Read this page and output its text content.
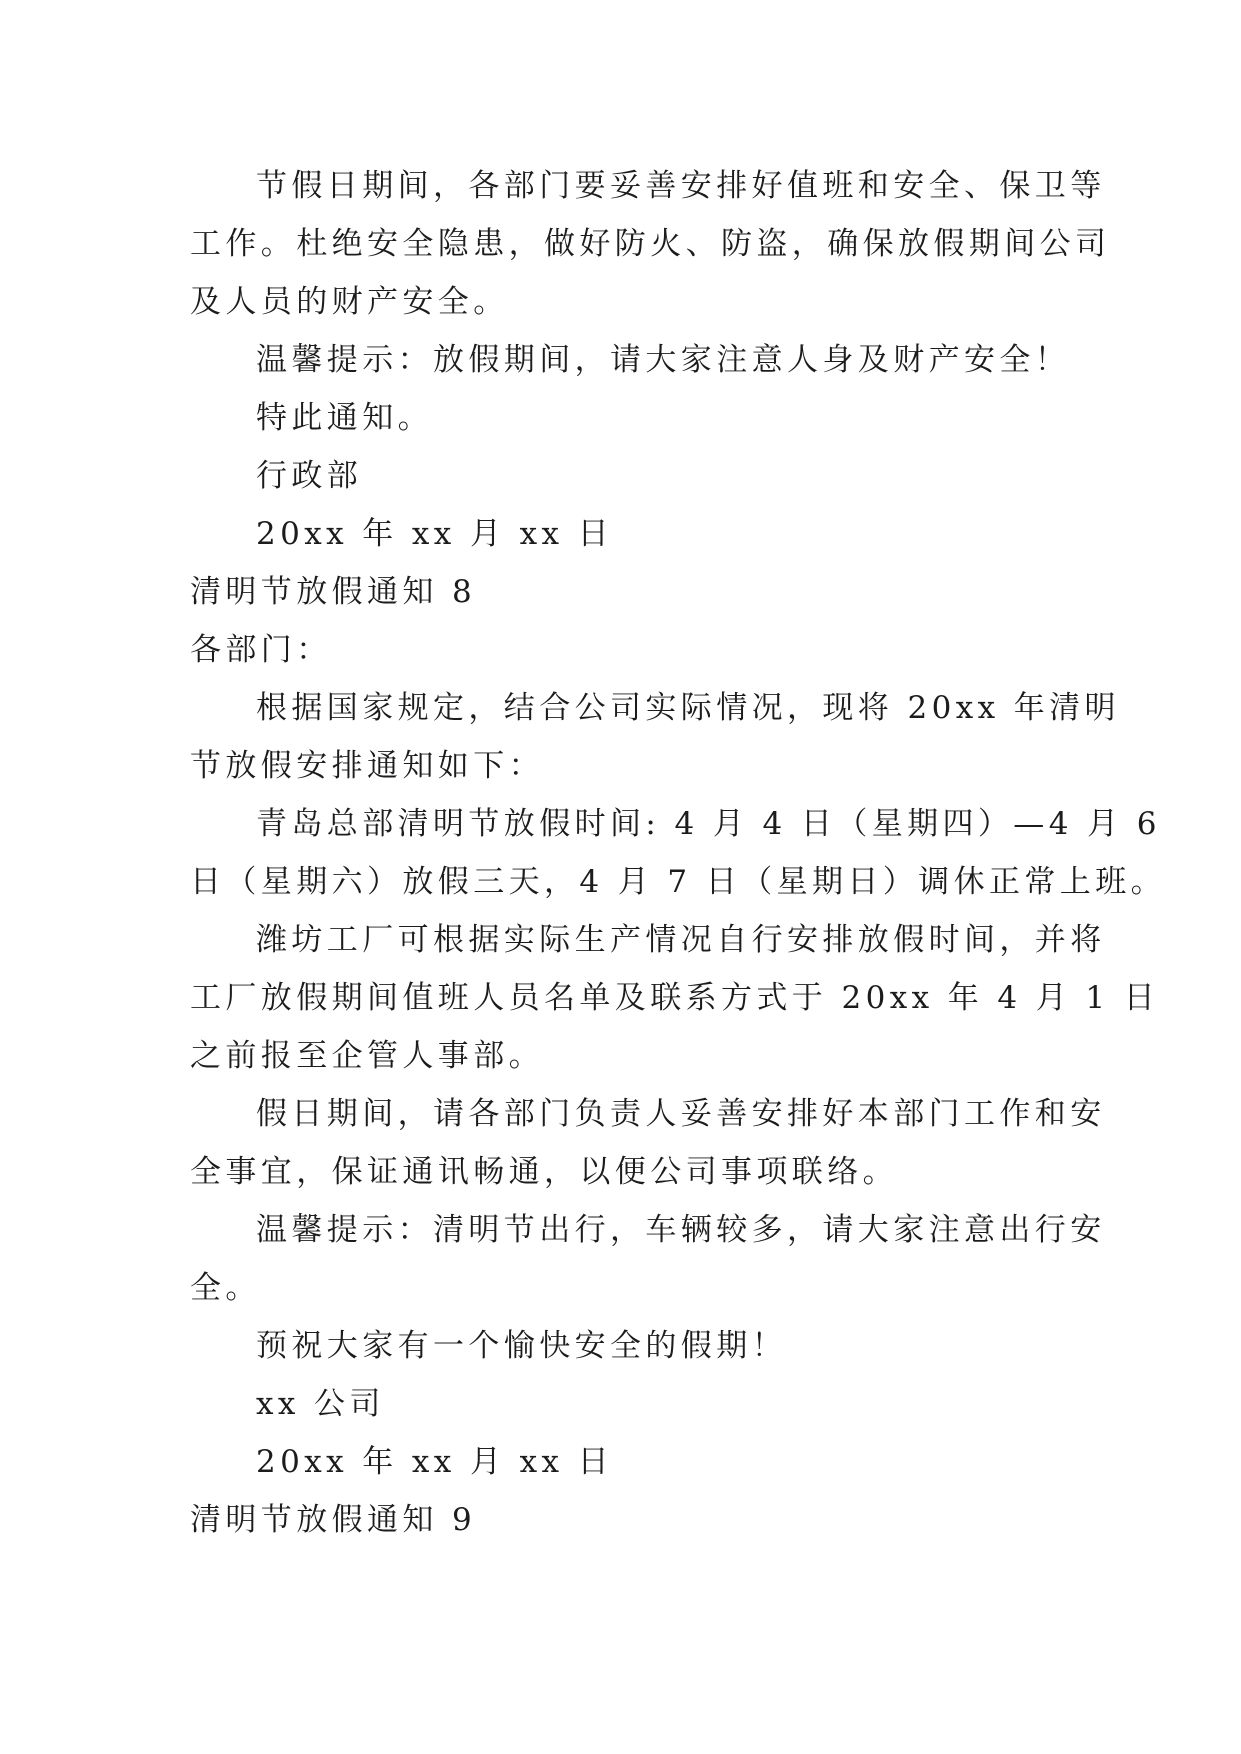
节假日期间，各部门要妥善安排好值班和安全、保卫等
工作。杜绝安全隐患，做好防火、防盗，确保放假期间公司
及人员的财产安全。
温馨提示：放假期间，请大家注意人身及财产安全！
特此通知。
行政部
20xx 年 xx 月 xx 日
清明节放假通知 8
各部门：
根据国家规定，结合公司实际情况，现将 20xx 年清明
节放假安排通知如下：
青岛总部清明节放假时间: 4 月 4 日（星期四）—4 月 6
日（星期六）放假三天，4 月 7 日（星期日）调休正常上班。
潍坊工厂可根据实际生产情况自行安排放假时间，并将
工厂放假期间值班人员名单及联系方式于 20xx 年 4 月 1 日
之前报至企管人事部。
假日期间，请各部门负责人妥善安排好本部门工作和安
全事宜，保证通讯畅通，以便公司事项联络。
温馨提示：清明节出行，车辆较多，请大家注意出行安
全。
预祝大家有一个愉快安全的假期！
xx 公司
20xx 年 xx 月 xx 日
清明节放假通知 9
